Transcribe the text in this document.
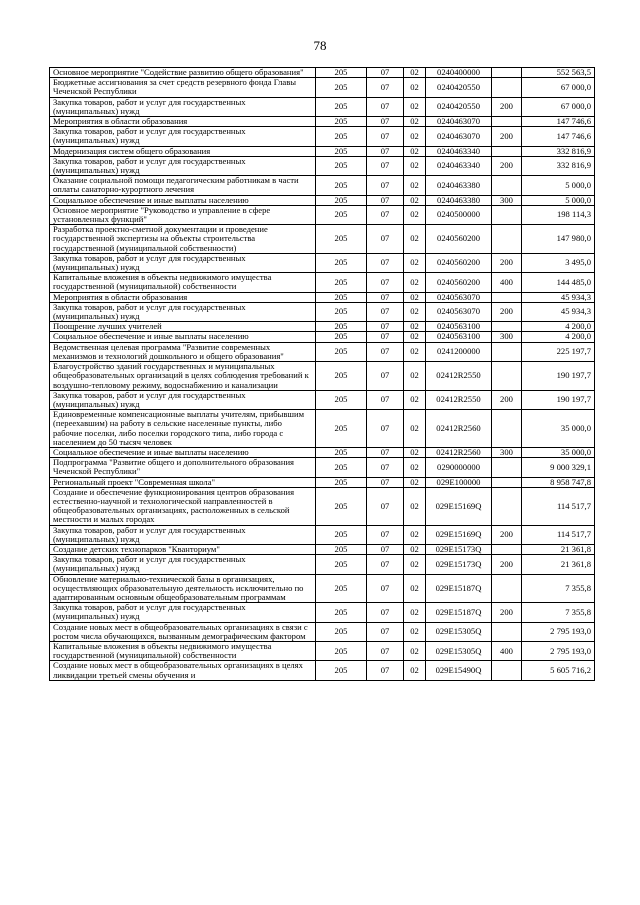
78
Основное мероприятие "Содействие развитию общего образования"	205	07	02	0240400000		552 563,5
Бюджетные ассигнования за счет средств резервного фонда Главы Чеченской Республики	205	07	02	0240420550		67 000,0
Закупка товаров, работ и услуг для государственных (муниципальных) нужд	205	07	02	0240420550	200	67 000,0
Мероприятия в области образования	205	07	02	0240463070		147 746,6
Закупка товаров, работ и услуг для государственных (муниципальных) нужд	205	07	02	0240463070	200	147 746,6
Модернизация систем общего образования	205	07	02	0240463340		332 816,9
Закупка товаров, работ и услуг для государственных (муниципальных) нужд	205	07	02	0240463340	200	332 816,9
Оказание социальной помощи педагогическим работникам в части оплаты санаторно-курортного лечения	205	07	02	0240463380		5 000,0
Социальное обеспечение и иные выплаты населению	205	07	02	0240463380	300	5 000,0
Основное мероприятие "Руководство и управление в сфере установленных функций"	205	07	02	0240500000		198 114,3
Разработка проектно-сметной документации и проведение государственной экспертизы на объекты строительства государственной (муниципальной собственности)	205	07	02	0240560200		147 980,0
Закупка товаров, работ и услуг для государственных (муниципальных) нужд	205	07	02	0240560200	200	3 495,0
Капитальные вложения в объекты недвижимого имущества государственной (муниципальной) собственности	205	07	02	0240560200	400	144 485,0
Мероприятия в области образования	205	07	02	0240563070		45 934,3
Закупка товаров, работ и услуг для государственных (муниципальных) нужд	205	07	02	0240563070	200	45 934,3
Поощрение лучших учителей	205	07	02	0240563100		4 200,0
Социальное обеспечение и иные выплаты населению	205	07	02	0240563100	300	4 200,0
Ведомственная целевая программа "Развитие современных механизмов и технологий дошкольного и общего образования"	205	07	02	0241200000		225 197,7
Благоустройство зданий государственных и муниципальных общеобразовательных организаций в целях соблюдения требований к воздушно-тепловому режиму, водоснабжению и канализации	205	07	02	02412R2550		190 197,7
Закупка товаров, работ и услуг для государственных (муниципальных) нужд	205	07	02	02412R2550	200	190 197,7
Единовременные компенсационные выплаты учителям, прибывшим (переехавшим) на работу в сельские населенные пункты, либо рабочие поселки, либо поселки городского типа, либо города с населением до 50 тысяч человек	205	07	02	02412R2560		35 000,0
Социальное обеспечение и иные выплаты населению	205	07	02	02412R2560	300	35 000,0
Подпрограмма "Развитие общего и дополнительного образования Чеченской Республики"	205	07	02	0290000000		9 000 329,1
Региональный проект "Современная школа"	205	07	02	029E100000		8 958 747,8
Создание и обеспечение функционирования центров образования естественно-научной и технологической направленностей в общеобразовательных организациях, расположенных в сельской местности и малых городах	205	07	02	029E15169Q		114 517,7
Закупка товаров, работ и услуг для государственных (муниципальных) нужд	205	07	02	029E15169Q	200	114 517,7
Создание детских технопарков "Кванториум"	205	07	02	029E15173Q		21 361,8
Закупка товаров, работ и услуг для государственных (муниципальных) нужд	205	07	02	029E15173Q	200	21 361,8
Обновление материально-технической базы в организациях, осуществляющих образовательную деятельность исключительно по адаптированным основным общеобразовательным программам	205	07	02	029E15187Q		7 355,8
Закупка товаров, работ и услуг для государственных (муниципальных) нужд	205	07	02	029E15187Q	200	7 355,8
Создание новых мест в общеобразовательных организациях в связи с ростом числа обучающихся, вызванным демографическим фактором	205	07	02	029E15305Q		2 795 193,0
Капитальные вложения в объекты недвижимого имущества государственной (муниципальной) собственности	205	07	02	029E15305Q	400	2 795 193,0
Создание новых мест в общеобразовательных организациях в целях ликвидации третьей смены обучения и	205	07	02	029E15490Q		5 605 716,2
